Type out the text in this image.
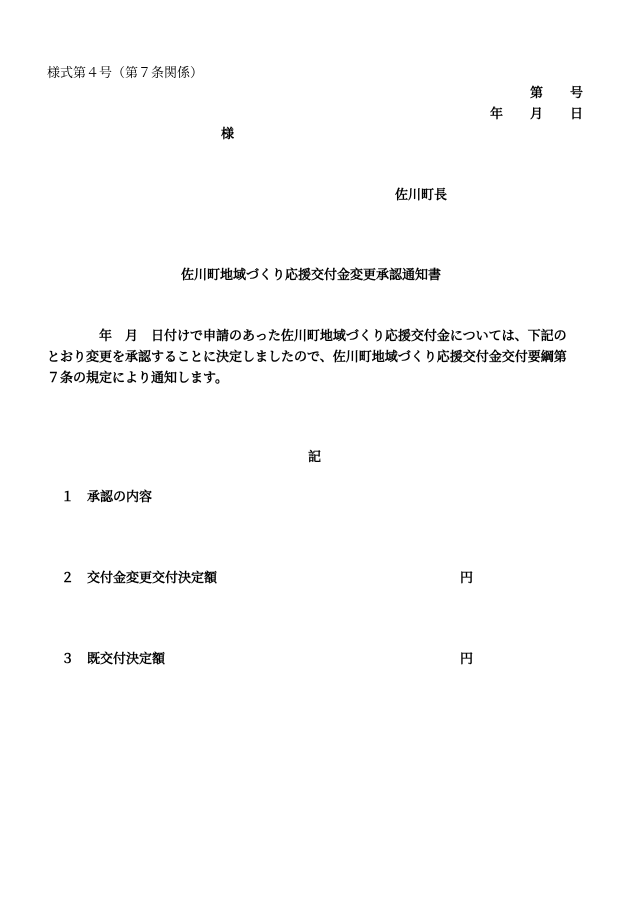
様式第４号（第７条関係）
第 号
年 月 日
様
佐川町長
佐川町地域づくり応援交付金変更承認通知書
年　月　日付けで申請のあった佐川町地域づくり応援交付金については、下記の
とおり変更を承認することに決定しましたので、佐川町地域づくり応援交付金交付要綱第
７条の規定により通知します。
記
１ 承認の内容
２ 交付金変更交付決定額	円
３ 既交付決定額	円
